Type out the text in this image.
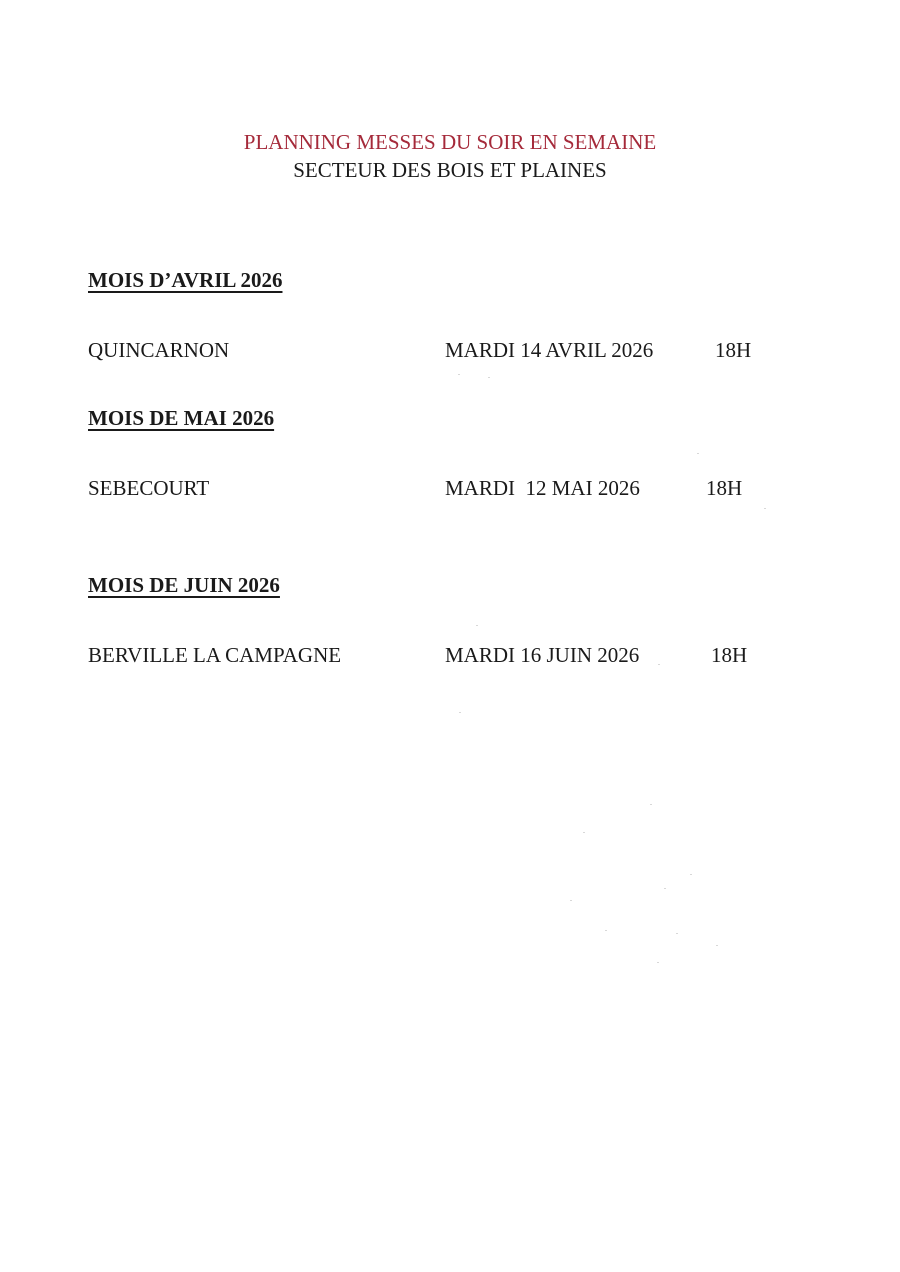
PLANNING MESSES DU SOIR EN SEMAINE
SECTEUR DES BOIS ET PLAINES
MOIS D’AVRIL 2026
QUINCARNON	MARDI 14 AVRIL 2026	18H
MOIS DE MAI 2026
SEBECOURT	MARDI  12 MAI 2026	18H
MOIS DE JUIN 2026
BERVILLE LA CAMPAGNE	MARDI 16 JUIN 2026	18H
